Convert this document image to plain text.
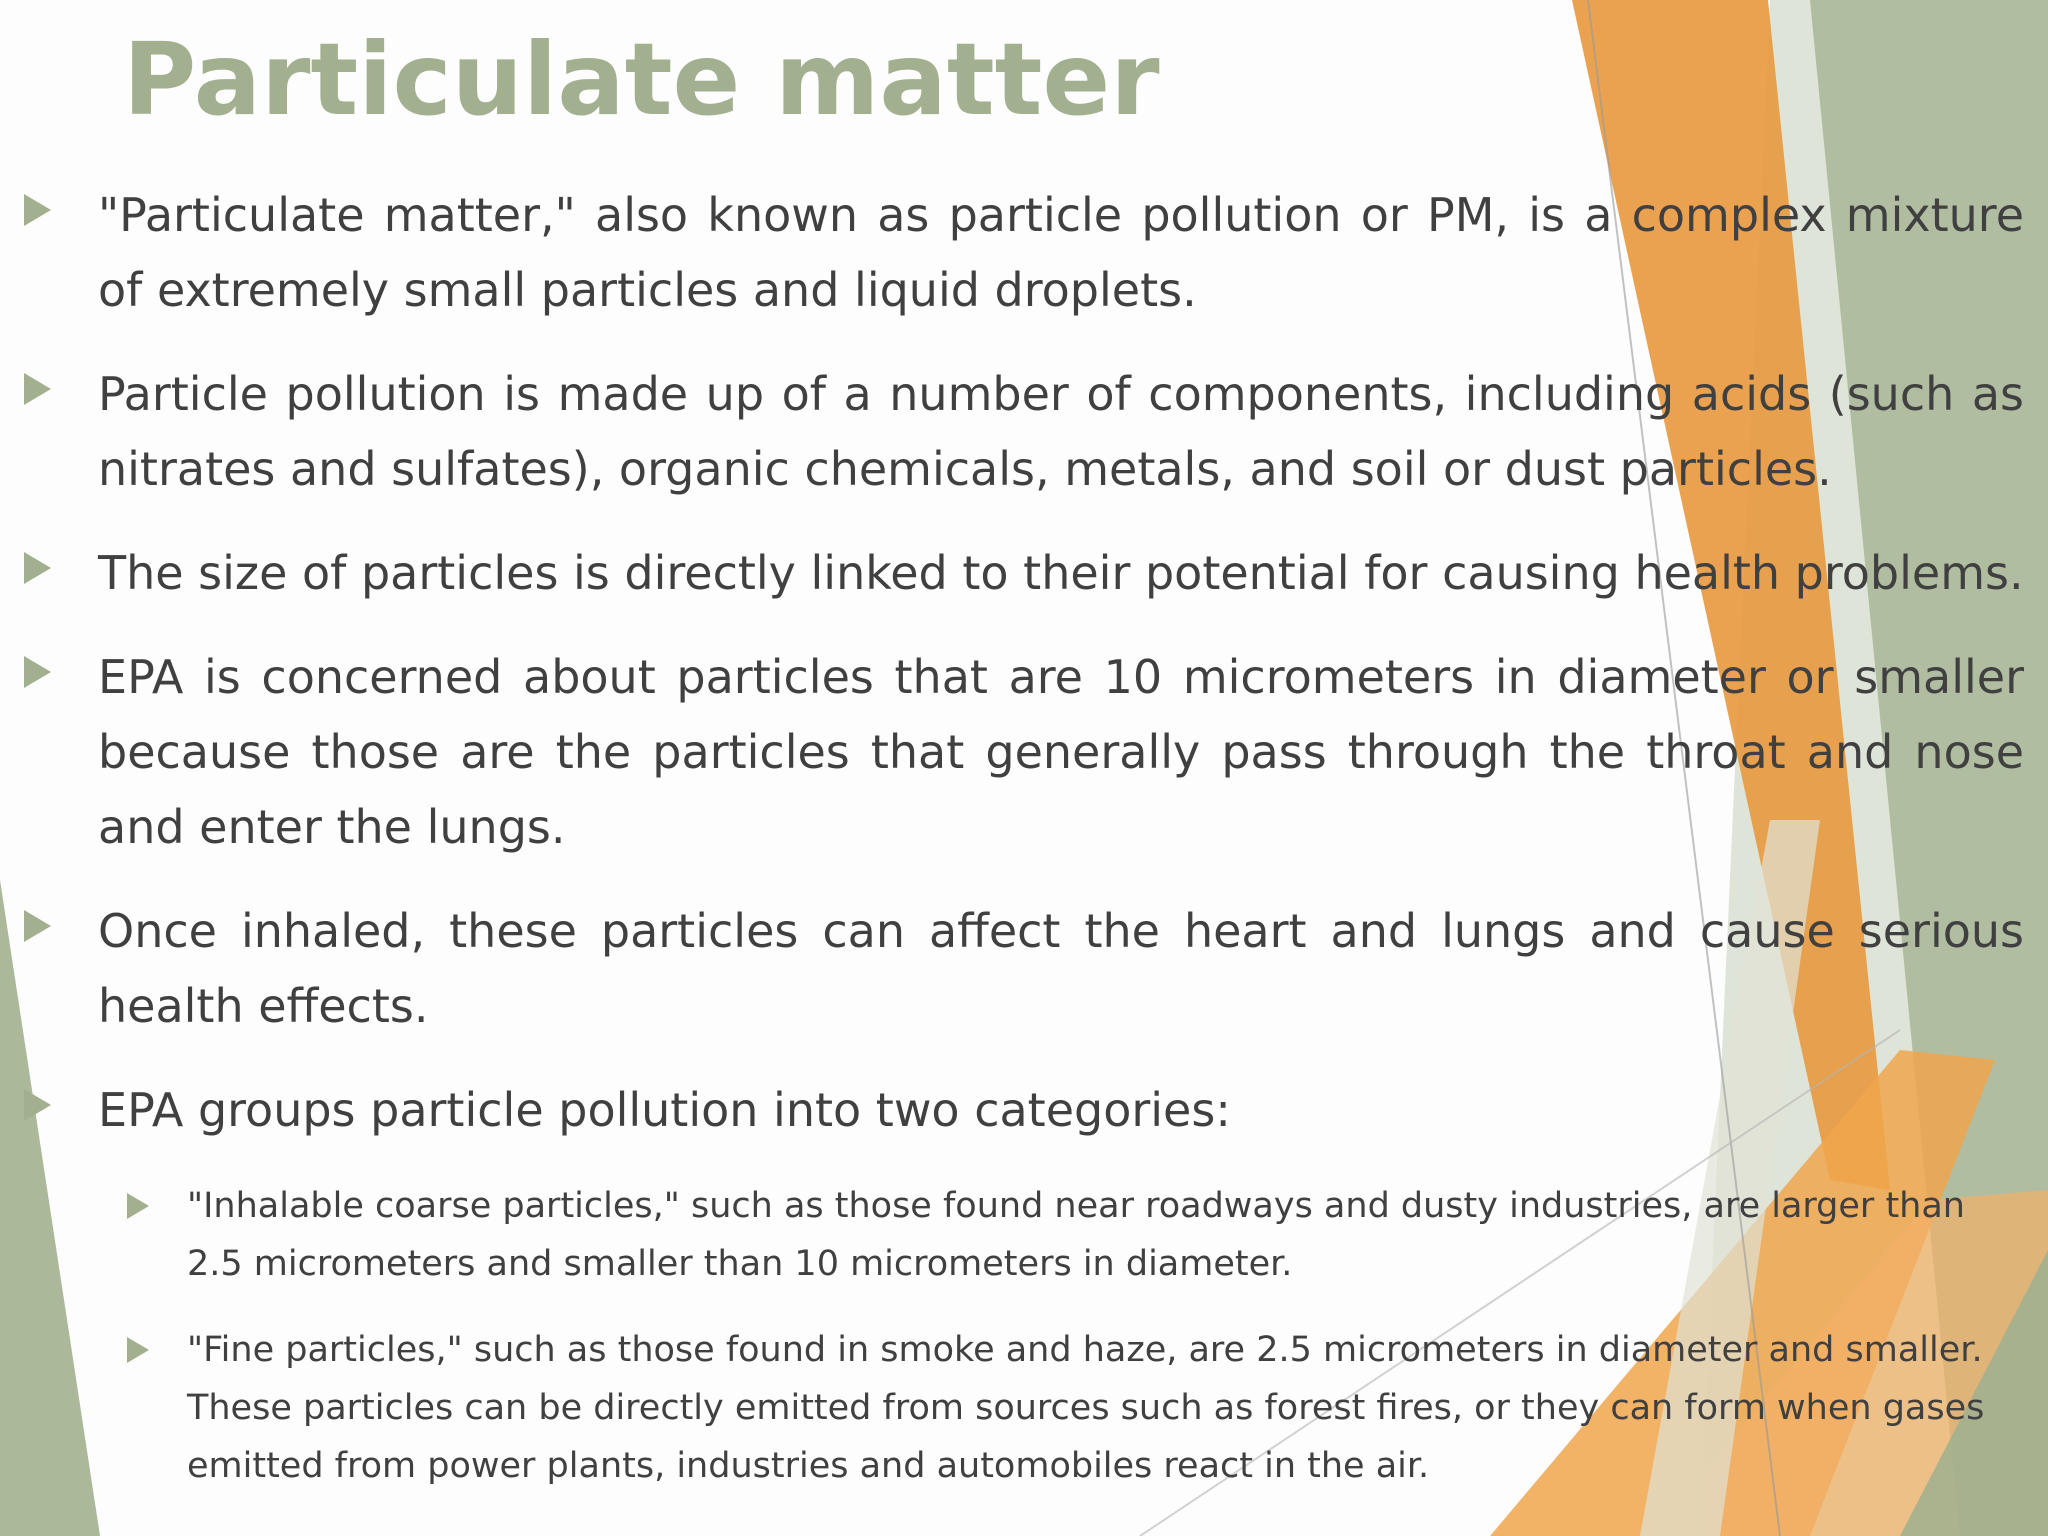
Particulate matter
"Particulate matter," also known as particle pollution or PM, is a complex mixture of extremely small particles and liquid droplets.
Particle pollution is made up of a number of components, including acids (such as nitrates and sulfates), organic chemicals, metals, and soil or dust particles.
The size of particles is directly linked to their potential for causing health problems.
EPA is concerned about particles that are 10 micrometers in diameter or smaller because those are the particles that generally pass through the throat and nose and enter the lungs.
Once inhaled, these particles can affect the heart and lungs and cause serious health effects.
EPA groups particle pollution into two categories:
"Inhalable coarse particles," such as those found near roadways and dusty industries, are larger than 2.5 micrometers and smaller than 10 micrometers in diameter.
"Fine particles," such as those found in smoke and haze, are 2.5 micrometers in diameter and smaller. These particles can be directly emitted from sources such as forest fires, or they can form when gases emitted from power plants, industries and automobiles react in the air.
